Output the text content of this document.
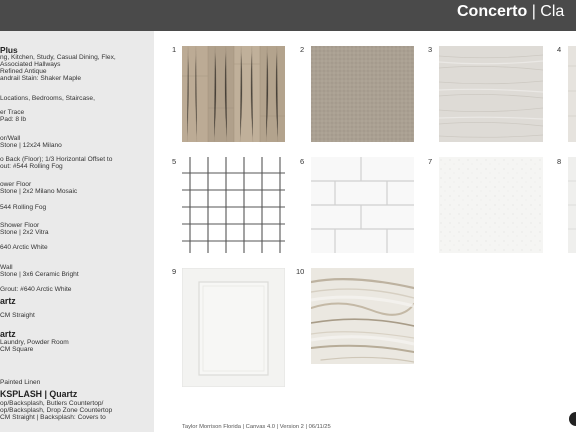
Concerto | Cla
Plus
ng, Kitchen, Study, Casual Dining, Flex,
Associated Hallways
Refined Antique
andrail Stain: Shaker Maple
Locations, Bedrooms, Staircase,
er Trace
Pad: 8 lb
or/Wall
Stone | 12x24 Milano
o Back (Floor); 1/3 Horizontal Offset to
out: #544 Rolling Fog
ower Floor
Stone | 2x2 Milano Mosaic
544 Rolling Fog
Shower Floor
Stone | 2x2 Vitra
640 Arctic White
Wall
Stone | 3x6 Ceramic Bright
Grout: #640 Arctic White
artz
CM Straight
artz
Laundry, Powder Room
CM Square
Painted Linen
KSPLASH | Quartz
op/Backsplash, Butlers Countertop/
op/Backsplash, Drop Zone Countertop
CM Straight | Backsplash: Covers to
1	2	3	4
5	6	7	8
9	10
Taylor Morrison Florida | Canvas 4.0 | Version 2 | 06/11/25
